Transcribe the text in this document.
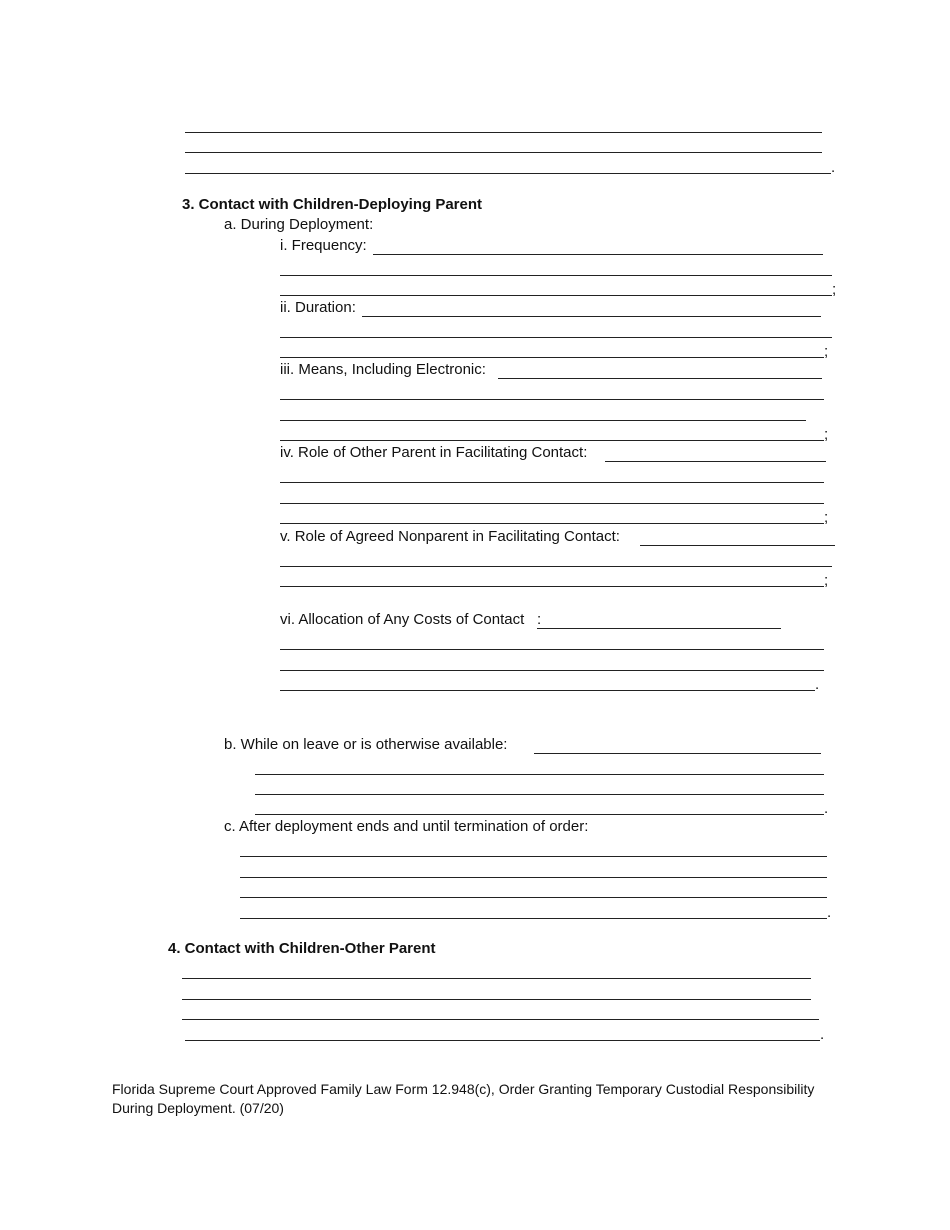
.
3. Contact with Children-Deploying Parent
a. During Deployment:
i. Frequency:
;
ii. Duration:
;
iii. Means, Including Electronic:
;
iv. Role of Other Parent in Facilitating Contact:
;
v. Role of Agreed Nonparent in Facilitating Contact:
;
vi. Allocation of Any Costs of Contact :
.
b. While on leave or is otherwise available:
.
c. After deployment ends and until termination of order:
.
4. Contact with Children-Other Parent
.
Florida Supreme Court Approved Family Law Form 12.948(c), Order Granting Temporary Custodial Responsibility During Deployment. (07/20)
